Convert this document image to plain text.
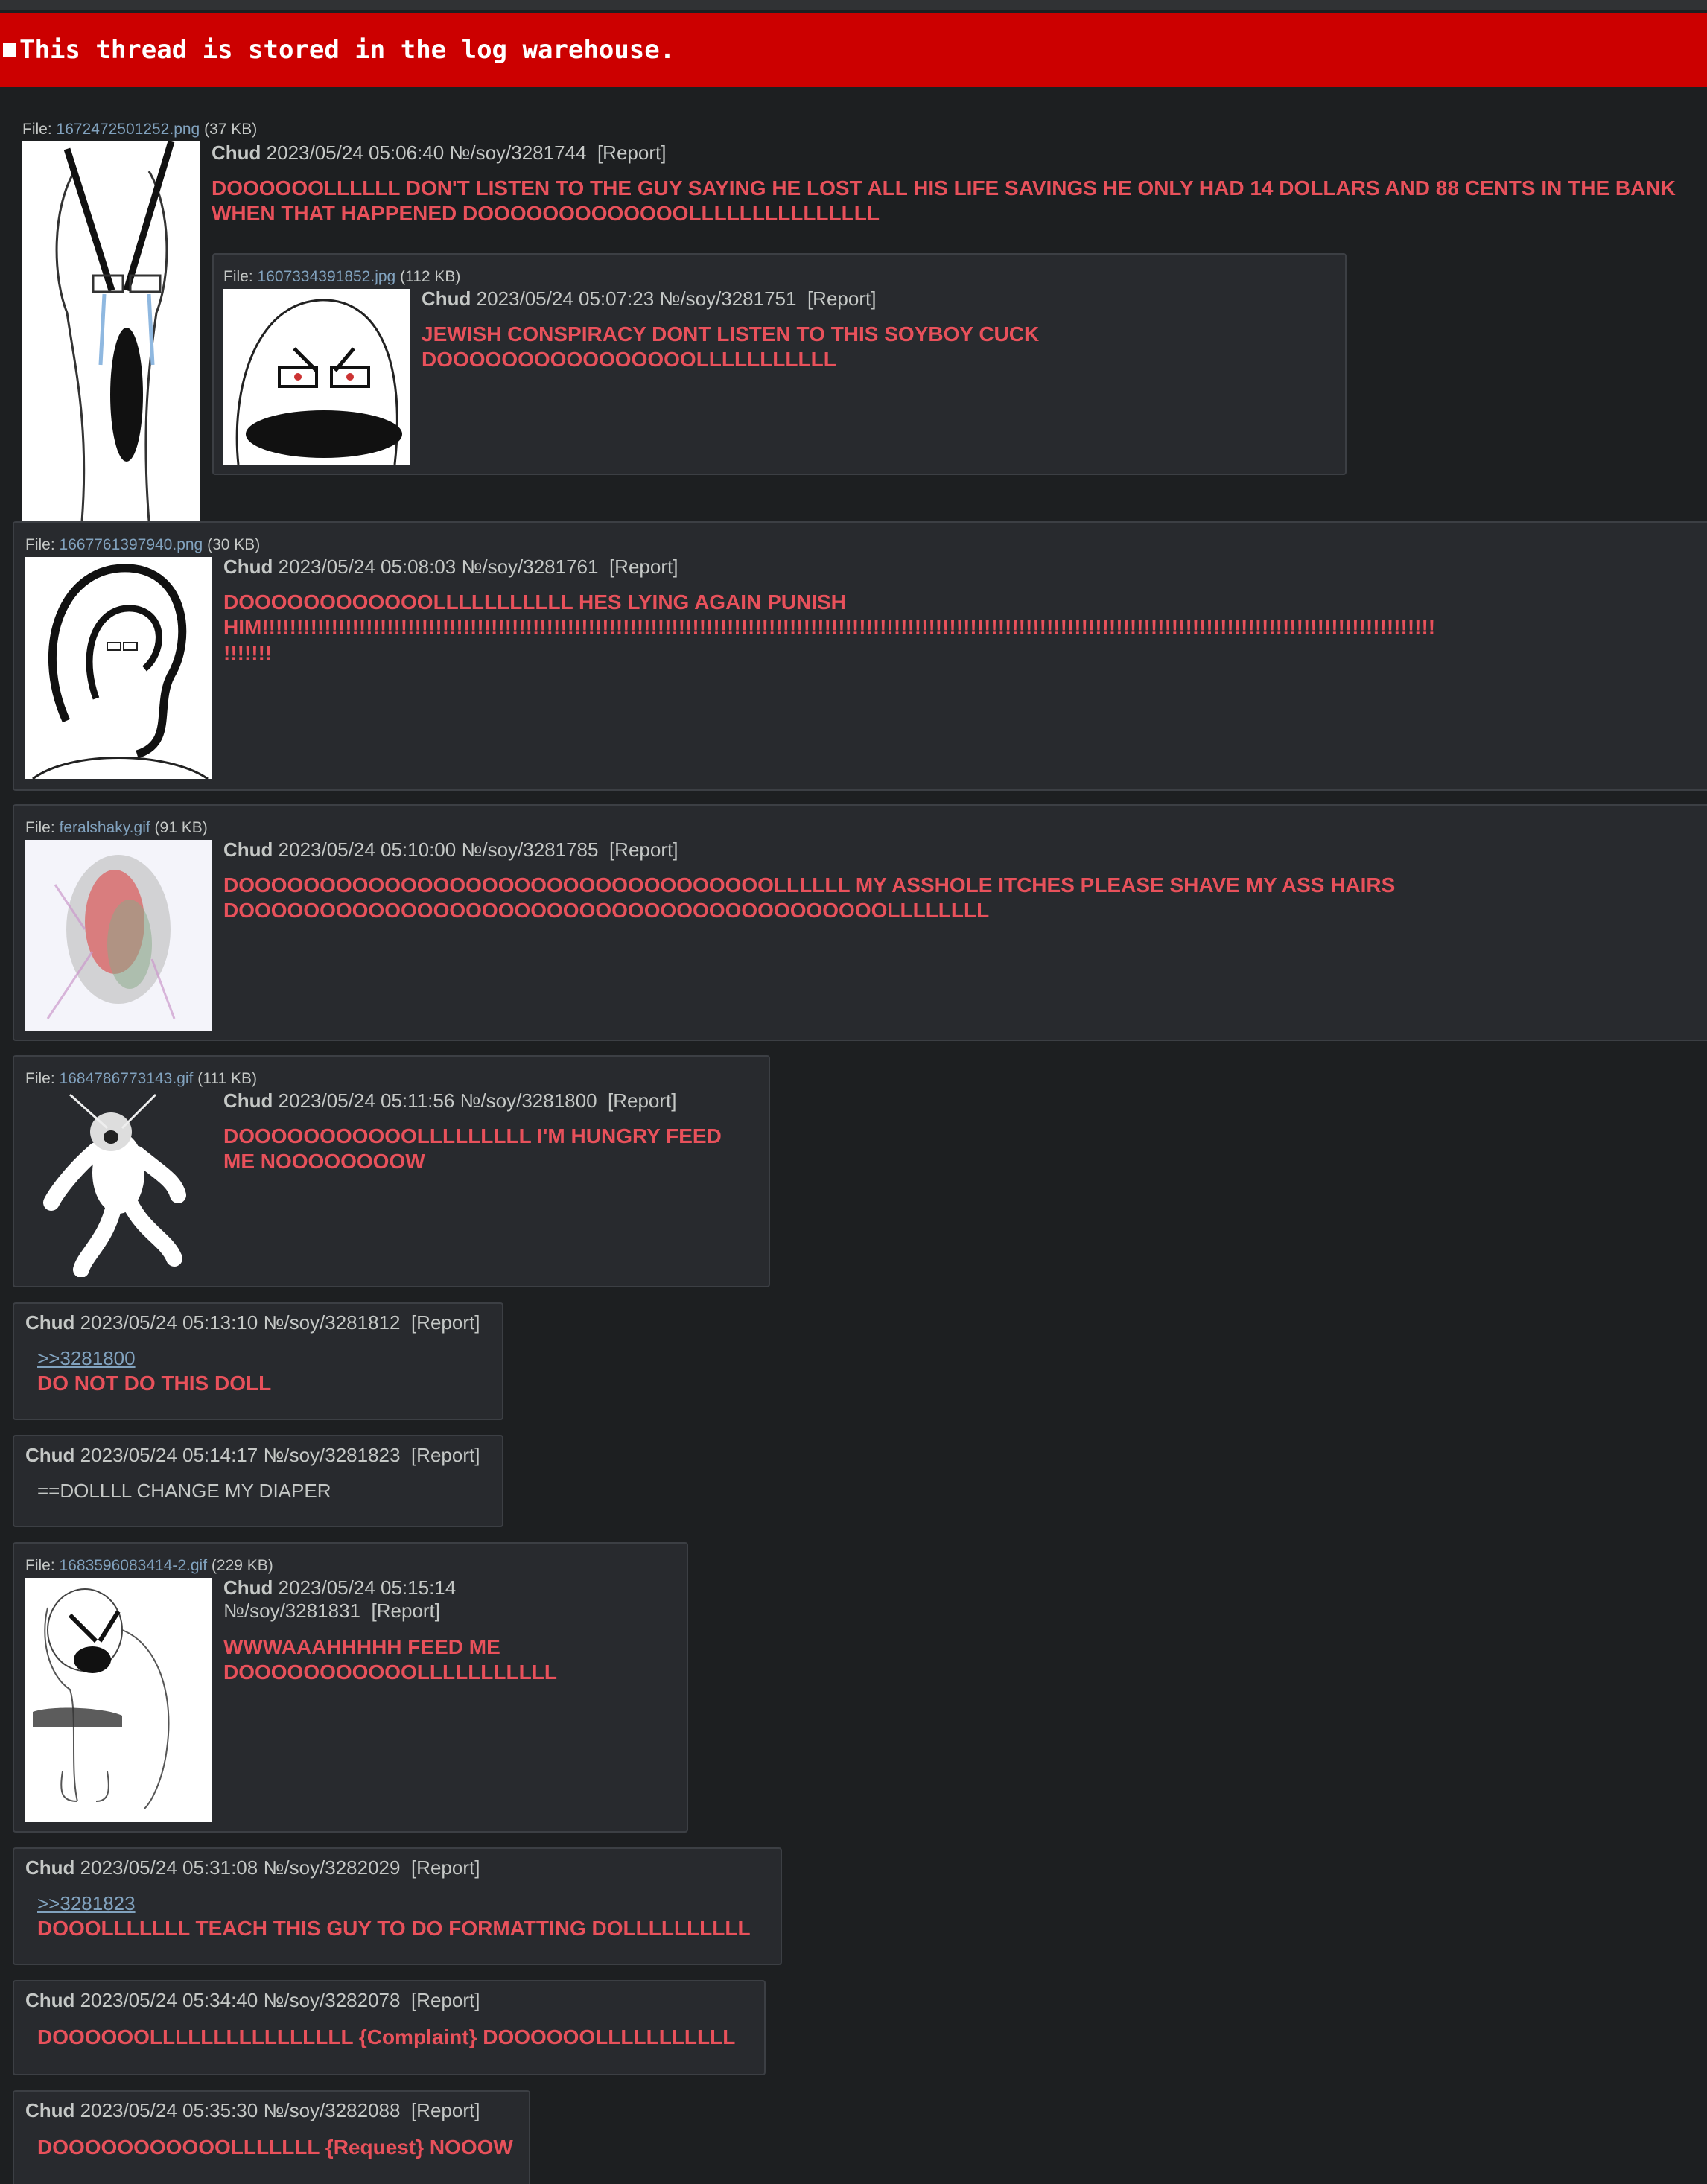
This thread is stored in the log warehouse.
File: 1672472501252.png (37 KB)
Chud 2023/05/24 05:06:40 №/soy/3281744 [Report]
DOOOOOOLLLLLL DON'T LISTEN TO THE GUY SAYING HE LOST ALL HIS LIFE SAVINGS HE ONLY HAD 14 DOLLARS AND 88 CENTS IN THE BANK WHEN THAT HAPPENED DOOOOOOOOOOOOOLLLLLLLLLLLLLLL
File: 1607334391852.jpg (112 KB)
Chud 2023/05/24 05:07:23 №/soy/3281751 [Report]
JEWISH CONSPIRACY DONT LISTEN TO THIS SOYBOY CUCK DOOOOOOOOOOOOOOOOLLLLLLLLLLL
File: 1667761397940.png (30 KB)
Chud 2023/05/24 05:08:03 №/soy/3281761 [Report]
DOOOOOOOOOOOOLLLLLLLLLLL HES LYING AGAIN PUNISH HIM!!!!!!!!!!!!!!!!!!!!!!!!!!!!!!!!!!!!!!!!!!!!!!!!!!!!!!!!!!!!!!!!!!!!!!!!!!!!!!!!!!!!!!!!!!!!!!!!!!!!!!!!!!!!!!!!!!!!!!!!!!!!!!!!!!!!!!!!!!!!!!!!!!!!!!!!!!!!!!!!!!!!!!!!!!!!!!!!
File: feralshaky.gif (91 KB)
Chud 2023/05/24 05:10:00 №/soy/3281785 [Report]
DOOOOOOOOOOOOOOOOOOOOOOOOOOOOOOOOOLLLLLL MY ASSHOLE ITCHES PLEASE SHAVE MY ASS HAIRS DOOOOOOOOOOOOOOOOOOOOOOOOOOOOOOOOOOOOOOOOLLLLLLLL
File: 1684786773143.gif (111 KB)
Chud 2023/05/24 05:11:56 №/soy/3281800 [Report]
DOOOOOOOOOOOLLLLLLLLL I'M HUNGRY FEED ME NOOOOOOOOW
Chud 2023/05/24 05:13:10 №/soy/3281812 [Report]
>>3281800
DO NOT DO THIS DOLL
Chud 2023/05/24 05:14:17 №/soy/3281823 [Report]
==DOLLLL CHANGE MY DIAPER
File: 1683596083414-2.gif (229 KB)
Chud 2023/05/24 05:15:14 №/soy/3281831 [Report]
WWWAAAHHHHH FEED ME DOOOOOOOOOOOLLLLLLLLLLL
Chud 2023/05/24 05:31:08 №/soy/3282029 [Report]
>>3281823
DOOOLLLLLLL TEACH THIS GUY TO DO FORMATTING DOLLLLLLLLLL
Chud 2023/05/24 05:34:40 №/soy/3282078 [Report]
DOOOOOOLLLLLLLLLLLLLLLL {Complaint} DOOOOOOLLLLLLLLLLL
Chud 2023/05/24 05:35:30 №/soy/3282088 [Report]
DOOOOOOOOOOOLLLLLLL {Request} NOOOW
